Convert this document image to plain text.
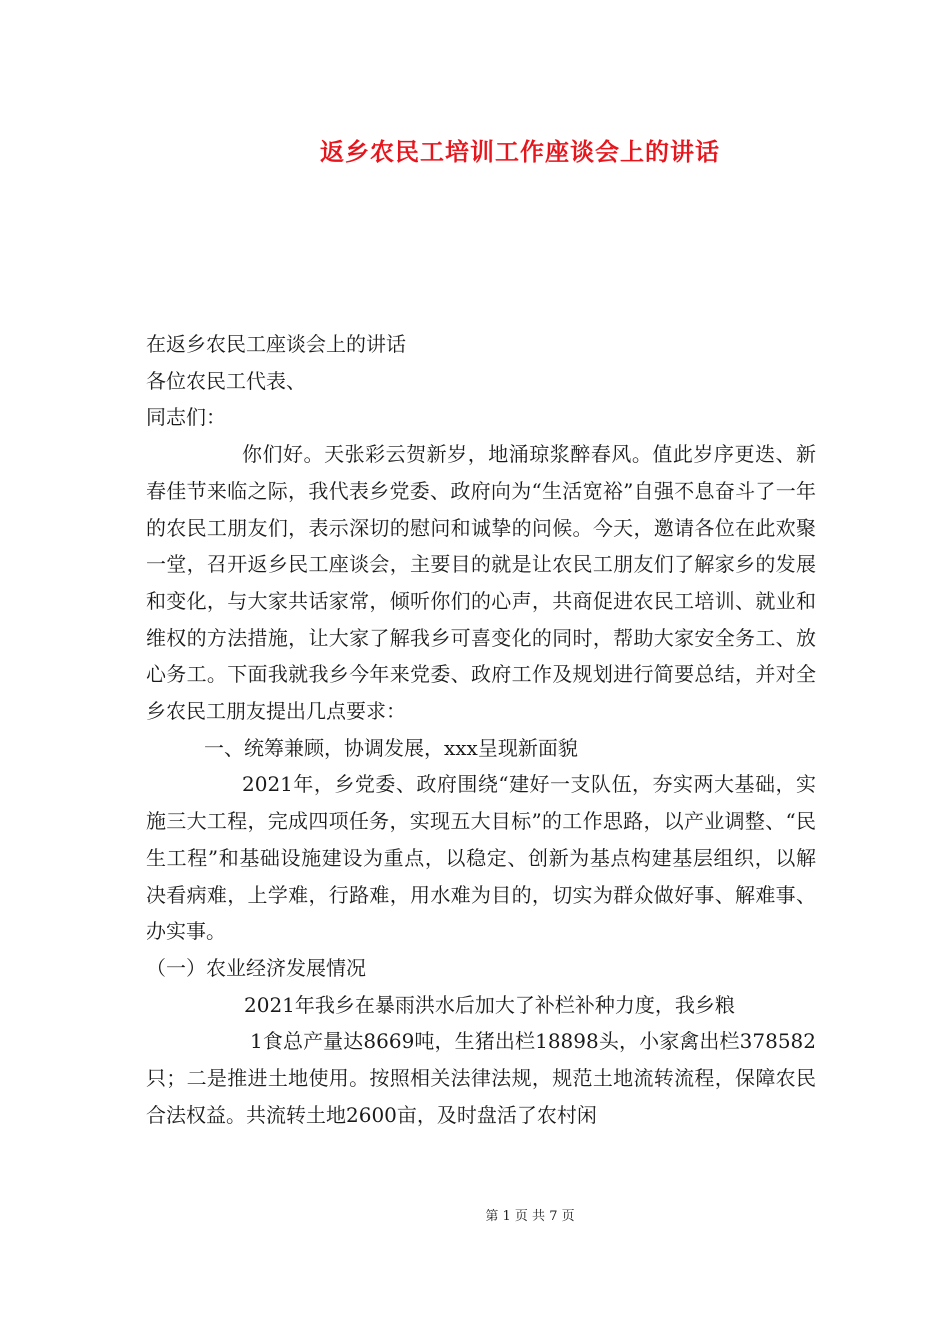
返乡农民工培训工作座谈会上的讲话

在返乡农民工座谈会上的讲话

各位农民工代表、

同志们：

你们好。天张彩云贺新岁，地涌琼浆醉春风。值此岁序更迭、新春佳节来临之际，我代表乡党委、政府向为“生活宽裕”自强不息奋斗了一年的农民工朋友们，表示深切的慰问和诚挚的问候。今天，邀请各位在此欢聚一堂，召开返乡民工座谈会，主要目的就是让农民工朋友们了解家乡的发展和变化，与大家共话家常，倾听你们的心声，共商促进农民工培训、就业和维权的方法措施，让大家了解我乡可喜变化的同时，帮助大家安全务工、放心务工。下面我就我乡今年来党委、政府工作及规划进行简要总结，并对全乡农民工朋友提出几点要求：

一、统筹兼顾，协调发展，xxx呈现新面貌

2021年，乡党委、政府围绕“建好一支队伍，夯实两大基础，实施三大工程，完成四项任务，实现五大目标”的工作思路，以产业调整、“民生工程”和基础设施建设为重点，以稳定、创新为基点构建基层组织，以解决看病难，上学难，行路难，用水难为目的，切实为群众做好事、解难事、办实事。

（一）农业经济发展情况

2021年我乡在暴雨洪水后加大了补栏补种力度，我乡粮

1食总产量达8669吨，生猪出栏18898头，小家禽出栏378582只；二是推进土地使用。按照相关法律法规，规范土地流转流程，保障农民合法权益。共流转土地2600亩，及时盘活了农村闲

第 1 页 共 7 页
